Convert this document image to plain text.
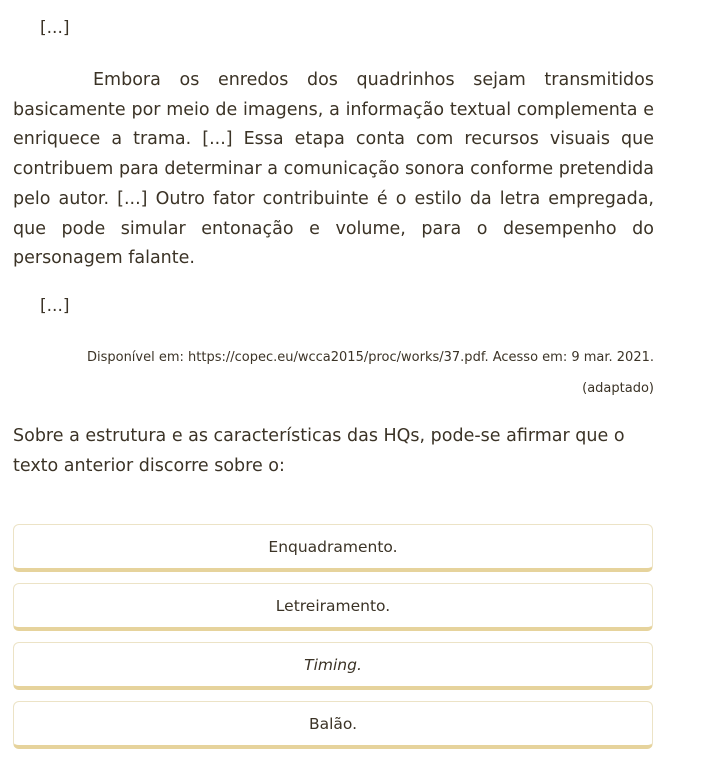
[...]

Embora os enredos dos quadrinhos sejam transmitidos basicamente por meio de imagens, a informação textual complementa e enriquece a trama. [...] Essa etapa conta com recursos visuais que contribuem para determinar a comunicação sonora conforme pretendida pelo autor. [...] Outro fator contribuinte é o estilo da letra empregada, que pode simular entonação e volume, para o desempenho do personagem falante.

[...]
Disponível em: https://copec.eu/wcca2015/proc/works/37.pdf. Acesso em: 9 mar. 2021.
(adaptado)

Sobre a estrutura e as características das HQs, pode-se afirmar que o texto anterior discorre sobre o:

Enquadramento.
Letreiramento.
Timing.
Balão.
